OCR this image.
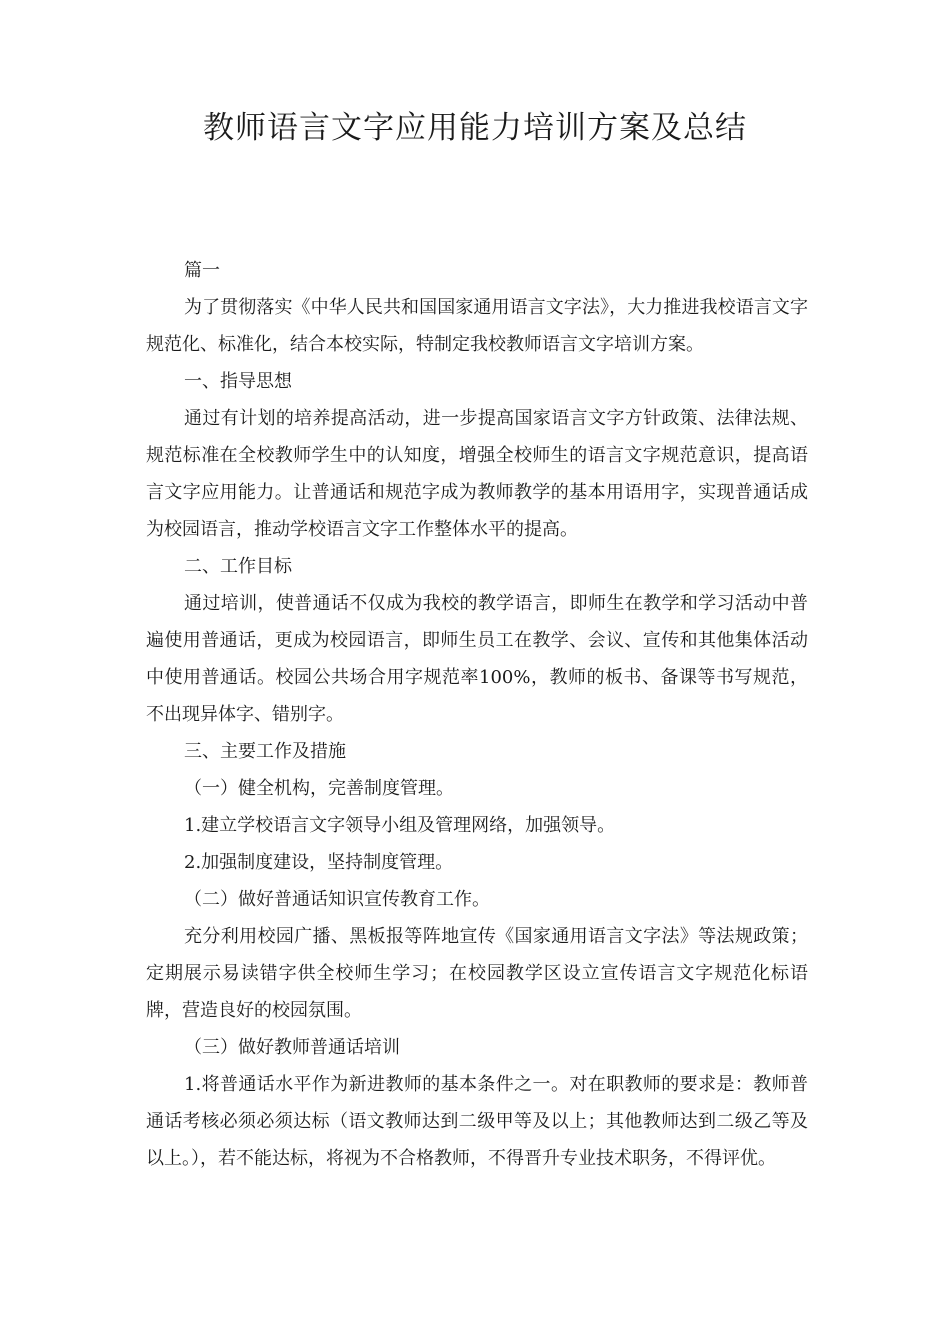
教师语言文字应用能力培训方案及总结

篇一

为了贯彻落实《中华人民共和国国家通用语言文字法》，大力推进我校语言文字规范化、标准化，结合本校实际，特制定我校教师语言文字培训方案。

一、指导思想

通过有计划的培养提高活动，进一步提高国家语言文字方针政策、法律法规、规范标准在全校教师学生中的认知度，增强全校师生的语言文字规范意识，提高语言文字应用能力。让普通话和规范字成为教师教学的基本用语用字，实现普通话成为校园语言，推动学校语言文字工作整体水平的提高。

二、工作目标

通过培训，使普通话不仅成为我校的教学语言，即师生在教学和学习活动中普遍使用普通话，更成为校园语言，即师生员工在教学、会议、宣传和其他集体活动中使用普通话。校园公共场合用字规范率100%，教师的板书、备课等书写规范，不出现异体字、错别字。

三、主要工作及措施

（一）健全机构，完善制度管理。

1.建立学校语言文字领导小组及管理网络，加强领导。

2.加强制度建设，坚持制度管理。

（二）做好普通话知识宣传教育工作。

充分利用校园广播、黑板报等阵地宣传《国家通用语言文字法》等法规政策；定期展示易读错字供全校师生学习；在校园教学区设立宣传语言文字规范化标语牌，营造良好的校园氛围。

（三）做好教师普通话培训

1.将普通话水平作为新进教师的基本条件之一。对在职教师的要求是：教师普通话考核必须必须达标（语文教师达到二级甲等及以上；其他教师达到二级乙等及以上。），若不能达标，将视为不合格教师，不得晋升专业技术职务，不得评优。
